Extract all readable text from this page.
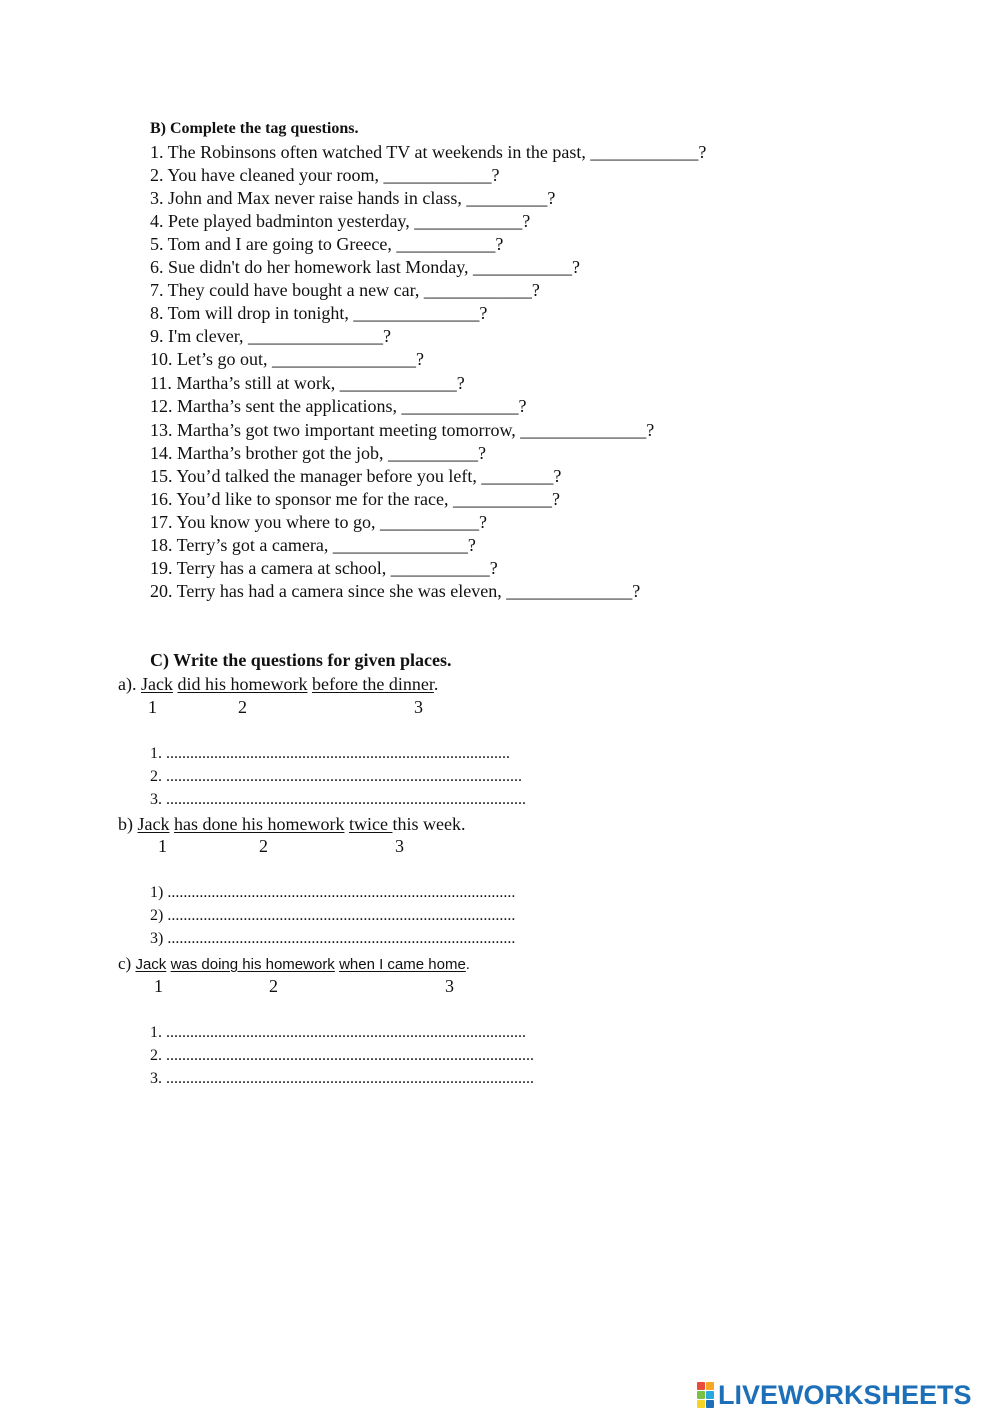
B) Complete the tag questions.
1. The Robinsons often watched TV at weekends in the past, ____________?
2. You have cleaned your room, ____________?
3. John and Max never raise hands in class, _________?
4. Pete played badminton yesterday, ____________?
5. Tom and I are going to Greece, ___________?
6. Sue didn't do her homework last Monday, ___________?
7. They could have bought a new car, ____________?
8. Tom will drop in tonight, ______________?
9. I'm clever, _______________?
10. Let’s go out, ________________?
11. Martha’s still at work, _____________?
12. Martha’s sent the applications, _____________?
13. Martha’s got two important meeting tomorrow, ______________?
14. Martha’s brother got the job, __________?
15. You’d talked the manager before you left, ________?
16. You’d like to sponsor me for the race, ___________?
17. You know you where to go, ___________?
18. Terry’s got a camera, _______________?
19. Terry has a camera at school, ___________?
20. Terry has had a camera since she was eleven, ______________?
C) Write the questions for given places.
a). Jack did his homework before the dinner.
1	2	3
1. ......................................................................................
2. .........................................................................................
3. ..........................................................................................
b) Jack has done his homework twice this week.
1	2	3
1) .......................................................................................
2) .......................................................................................
3) .......................................................................................
c) Jack was doing his homework when I came home.
1	2	3
1. ..........................................................................................
2. ............................................................................................
3. ............................................................................................
LIVEWORKSHEETS
